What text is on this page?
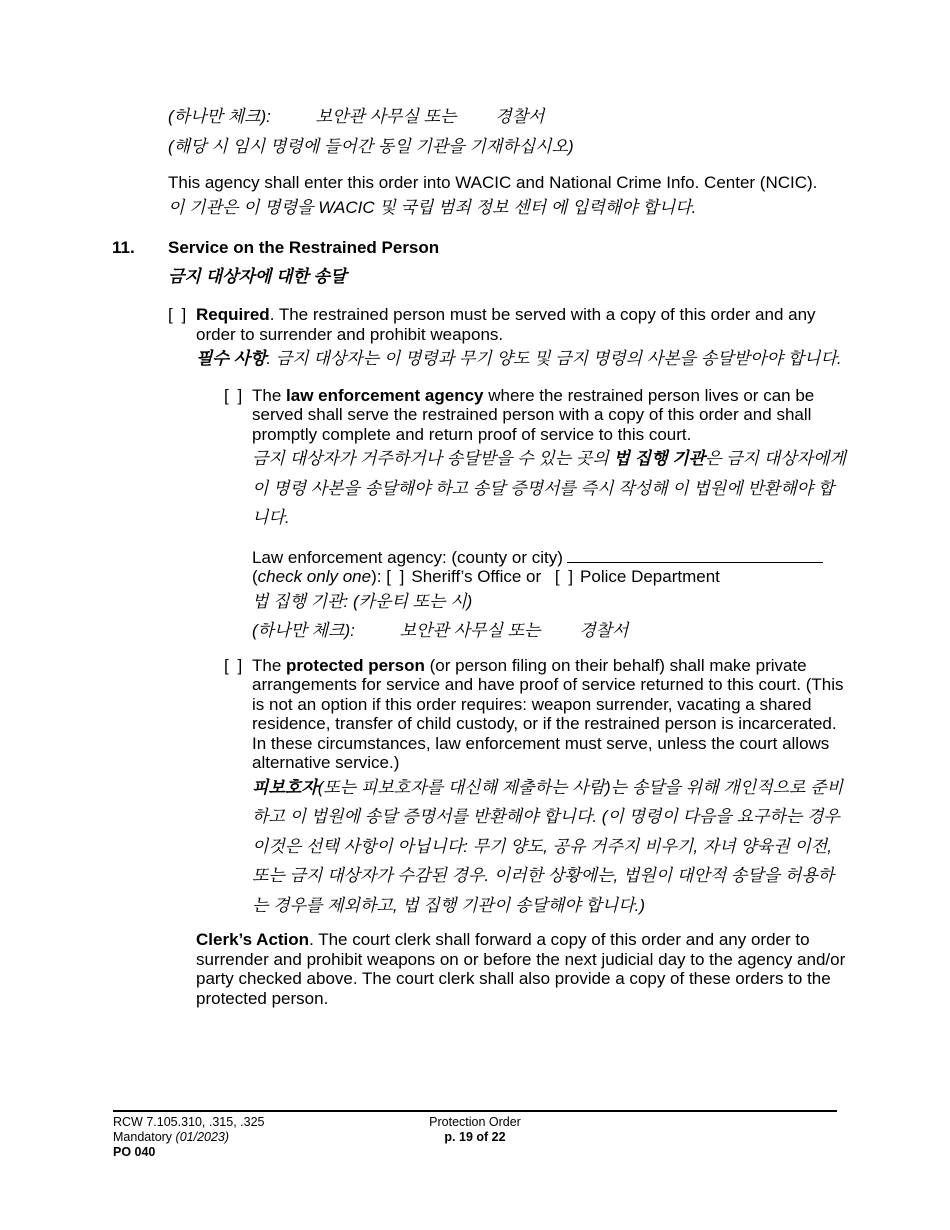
(하나만 체크):	보안관 사무실 또는 경찰서
(해당 시 임시 명령에 들어간 동일 기관을 기재하십시오)
This agency shall enter this order into WACIC and National Crime Info. Center (NCIC).
이 기관은 이 명령을 WACIC 및 국립 범죄 정보 센터 에 입력해야 합니다.
11.	Service on the Restrained Person
금지 대상자에 대한 송달
[ ] Required. The restrained person must be served with a copy of this order and any order to surrender and prohibit weapons.
필수 사항. 금지 대상자는 이 명령과 무기 양도 및 금지 명령의 사본을 송달받아야 합니다.
[ ] The law enforcement agency where the restrained person lives or can be served shall serve the restrained person with a copy of this order and shall promptly complete and return proof of service to this court.
금지 대상자가 거주하거나 송달받을 수 있는 곳의 법 집행 기관은 금지 대상자에게 이 명령 사본을 송달해야 하고 송달 증명서를 즉시 작성해 이 법원에 반환해야 합니다.
Law enforcement agency: (county or city)
(check only one): [ ] Sheriff’s Office or [ ] Police Department
법 집행 기관: (카운티 또는 시)
(하나만 체크):	보안관 사무실 또는 경찰서
[ ] The protected person (or person filing on their behalf) shall make private arrangements for service and have proof of service returned to this court. (This is not an option if this order requires: weapon surrender, vacating a shared residence, transfer of child custody, or if the restrained person is incarcerated. In these circumstances, law enforcement must serve, unless the court allows alternative service.)
피보호자(또는 피보호자를 대신해 제출하는 사람)는 송달을 위해 개인적으로 준비하고 이 법원에 송달 증명서를 반환해야 합니다. (이 명령이 다음을 요구하는 경우 이것은 선택 사항이 아닙니다: 무기 양도, 공유 거주지 비우기, 자녀 양육권 이전, 또는 금지 대상자가 수감된 경우. 이러한 상황에는, 법원이 대안적 송달을 허용하는 경우를 제외하고, 법 집행 기관이 송달해야 합니다.)
Clerk’s Action. The court clerk shall forward a copy of this order and any order to surrender and prohibit weapons on or before the next judicial day to the agency and/or party checked above. The court clerk shall also provide a copy of these orders to the protected person.
RCW 7.105.310, .315, .325
Mandatory (01/2023)
PO 040
Protection Order
p. 19 of 22
